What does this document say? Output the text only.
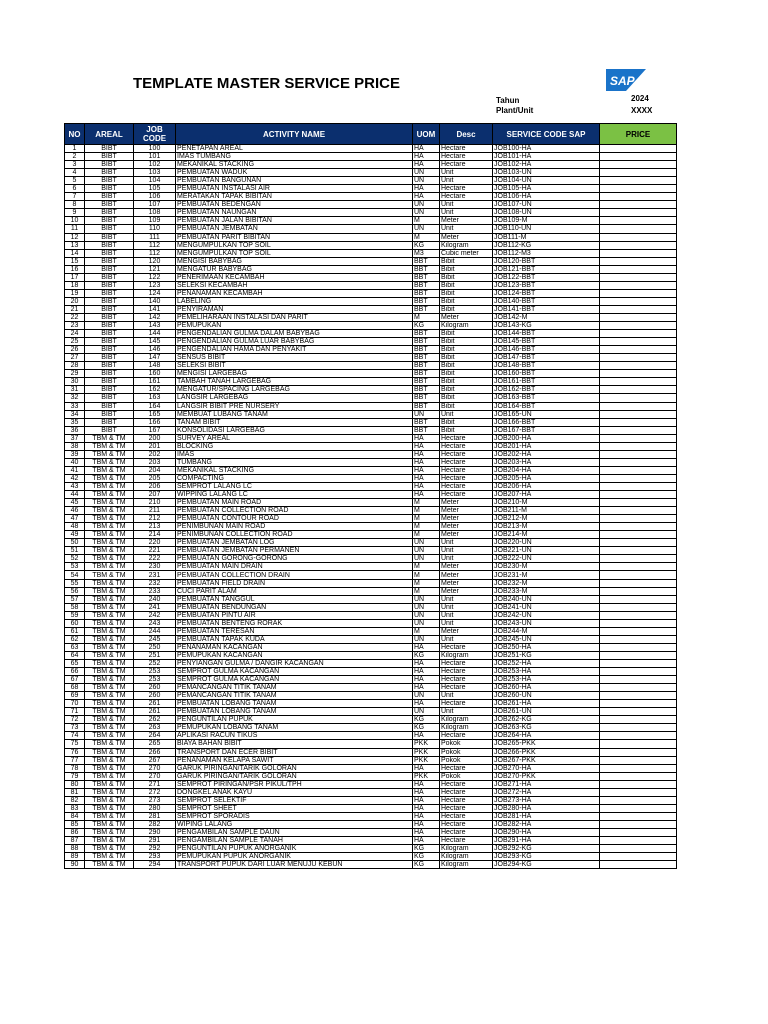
TEMPLATE MASTER SERVICE PRICE	SAP
Tahun	2024
Plant/Unit	XXXX
NO	AREAL	JOB CODE	ACTIVITY NAME	UOM	Desc	SERVICE CODE SAP	PRICE
1	BIBT	100	PENETAPAN AREAL	HA	Hectare	JOB100-HA	
2	BIBT	101	IMAS TUMBANG	HA	Hectare	JOB101-HA	
3	BIBT	102	MEKANIKAL STACKING	HA	Hectare	JOB102-HA	
4	BIBT	103	PEMBUATAN WADUK	UN	Unit	JOB103-UN	
5	BIBT	104	PEMBUATAN BANGUNAN	UN	Unit	JOB104-UN	
6	BIBT	105	PEMBUATAN INSTALASI AIR	HA	Hectare	JOB105-HA	
7	BIBT	106	MERATAKAN TAPAK BIBITAN	HA	Hectare	JOB106-HA	
8	BIBT	107	PEMBUATAN BEDENGAN	UN	Unit	JOB107-UN	
9	BIBT	108	PEMBUATAN NAUNGAN	UN	Unit	JOB108-UN	
10	BIBT	109	PEMBUATAN JALAN BIBITAN	M	Meter	JOB109-M	
11	BIBT	110	PEMBUATAN JEMBATAN	UN	Unit	JOB110-UN	
12	BIBT	111	PEMBUATAN PARIT BIBITAN	M	Meter	JOB111-M	
13	BIBT	112	MENGUMPULKAN TOP SOIL	KG	Kilogram	JOB112-KG	
14	BIBT	112	MENGUMPULKAN TOP SOIL	M3	Cubic meter	JOB112-M3	
15	BIBT	120	MENGISI BABYBAG	BBT	Bibit	JOB120-BBT	
16	BIBT	121	MENGATUR BABYBAG	BBT	Bibit	JOB121-BBT	
17	BIBT	122	PENERIMAAN KECAMBAH	BBT	Bibit	JOB122-BBT	
18	BIBT	123	SELEKSI KECAMBAH	BBT	Bibit	JOB123-BBT	
19	BIBT	124	PENANAMAN KECAMBAH	BBT	Bibit	JOB124-BBT	
20	BIBT	140	LABELING	BBT	Bibit	JOB140-BBT	
21	BIBT	141	PENYIRAMAN	BBT	Bibit	JOB141-BBT	
22	BIBT	142	PEMELIHARAAN INSTALASI DAN PARIT	M	Meter	JOB142-M	
23	BIBT	143	PEMUPUKAN	KG	Kilogram	JOB143-KG	
24	BIBT	144	PENGENDALIAN GULMA DALAM BABYBAG	BBT	Bibit	JOB144-BBT	
25	BIBT	145	PENGENDALIAN GULMA LUAR BABYBAG	BBT	Bibit	JOB145-BBT	
26	BIBT	146	PENGENDALIAN HAMA DAN PENYAKIT	BBT	Bibit	JOB146-BBT	
27	BIBT	147	SENSUS BIBIT	BBT	Bibit	JOB147-BBT	
28	BIBT	148	SELEKSI BIBIT	BBT	Bibit	JOB148-BBT	
29	BIBT	160	MENGISI LARGEBAG	BBT	Bibit	JOB160-BBT	
30	BIBT	161	TAMBAH TANAH LARGEBAG	BBT	Bibit	JOB161-BBT	
31	BIBT	162	MENGATUR/SPACING LARGEBAG	BBT	Bibit	JOB162-BBT	
32	BIBT	163	LANGSIR LARGEBAG	BBT	Bibit	JOB163-BBT	
33	BIBT	164	LANGSIR BIBIT PRE NURSERY	BBT	Bibit	JOB164-BBT	
34	BIBT	165	MEMBUAT LUBANG TANAM	UN	Unit	JOB165-UN	
35	BIBT	166	TANAM BIBIT	BBT	Bibit	JOB166-BBT	
36	BIBT	167	KONSOLIDASI LARGEBAG	BBT	Bibit	JOB167-BBT	
37	TBM & TM	200	SURVEY AREAL	HA	Hectare	JOB200-HA	
38	TBM & TM	201	BLOCKING	HA	Hectare	JOB201-HA	
39	TBM & TM	202	IMAS	HA	Hectare	JOB202-HA	
40	TBM & TM	203	TUMBANG	HA	Hectare	JOB203-HA	
41	TBM & TM	204	MEKANIKAL STACKING	HA	Hectare	JOB204-HA	
42	TBM & TM	205	COMPACTING	HA	Hectare	JOB205-HA	
43	TBM & TM	206	SEMPROT LALANG LC	HA	Hectare	JOB206-HA	
44	TBM & TM	207	WIPPING LALANG LC	HA	Hectare	JOB207-HA	
45	TBM & TM	210	PEMBUATAN MAIN ROAD	M	Meter	JOB210-M	
46	TBM & TM	211	PEMBUATAN COLLECTION ROAD	M	Meter	JOB211-M	
47	TBM & TM	212	PEMBUATAN CONTOUR ROAD	M	Meter	JOB212-M	
48	TBM & TM	213	PENIMBUNAN MAIN ROAD	M	Meter	JOB213-M	
49	TBM & TM	214	PENIMBUNAN COLLECTION ROAD	M	Meter	JOB214-M	
50	TBM & TM	220	PEMBUATAN JEMBATAN LOG	UN	Unit	JOB220-UN	
51	TBM & TM	221	PEMBUATAN JEMBATAN PERMANEN	UN	Unit	JOB221-UN	
52	TBM & TM	222	PEMBUATAN GORONG-GORONG	UN	Unit	JOB222-UN	
53	TBM & TM	230	PEMBUATAN MAIN DRAIN	M	Meter	JOB230-M	
54	TBM & TM	231	PEMBUATAN COLLECTION DRAIN	M	Meter	JOB231-M	
55	TBM & TM	232	PEMBUATAN FIELD DRAIN	M	Meter	JOB232-M	
56	TBM & TM	233	CUCI PARIT ALAM	M	Meter	JOB233-M	
57	TBM & TM	240	PEMBUATAN TANGGUL	UN	Unit	JOB240-UN	
58	TBM & TM	241	PEMBUATAN BENDUNGAN	UN	Unit	JOB241-UN	
59	TBM & TM	242	PEMBUATAN PINTU AIR	UN	Unit	JOB242-UN	
60	TBM & TM	243	PEMBUATAN BENTENG RORAK	UN	Unit	JOB243-UN	
61	TBM & TM	244	PEMBUATAN TERESAN	M	Meter	JOB244-M	
62	TBM & TM	245	PEMBUATAN TAPAK KUDA	UN	Unit	JOB245-UN	
63	TBM & TM	250	PENANAMAN KACANGAN	HA	Hectare	JOB250-HA	
64	TBM & TM	251	PEMUPUKAN KACANGAN	KG	Kilogram	JOB251-KG	
65	TBM & TM	252	PENYIANGAN GULMA / DANGIR KACANGAN	HA	Hectare	JOB252-HA	
66	TBM & TM	253	SEMPROT GULMA KACANGAN	HA	Hectare	JOB253-HA	
67	TBM & TM	253	SEMPROT GULMA KACANGAN	HA	Hectare	JOB253-HA	
68	TBM & TM	260	PEMANCANGAN TITIK TANAM	HA	Hectare	JOB260-HA	
69	TBM & TM	260	PEMANCANGAN TITIK TANAM	UN	Unit	JOB260-UN	
70	TBM & TM	261	PEMBUATAN LOBANG TANAM	HA	Hectare	JOB261-HA	
71	TBM & TM	261	PEMBUATAN LOBANG TANAM	UN	Unit	JOB261-UN	
72	TBM & TM	262	PENGUNTILAN PUPUK	KG	Kilogram	JOB262-KG	
73	TBM & TM	263	PEMUPUKAN LOBANG TANAM	KG	Kilogram	JOB263-KG	
74	TBM & TM	264	APLIKASI RACUN TIKUS	HA	Hectare	JOB264-HA	
75	TBM & TM	265	BIAYA BAHAN BIBIT	PKK	Pokok	JOB265-PKK	
76	TBM & TM	266	TRANSPORT DAN ECER BIBIT	PKK	Pokok	JOB266-PKK	
77	TBM & TM	267	PENANAMAN KELAPA SAWIT	PKK	Pokok	JOB267-PKK	
78	TBM & TM	270	GARUK PIRINGAN/TARIK GOLORAN	HA	Hectare	JOB270-HA	
79	TBM & TM	270	GARUK PIRINGAN/TARIK GOLORAN	PKK	Pokok	JOB270-PKK	
80	TBM & TM	271	SEMPROT PIRINGAN/PSR PIKUL/TPH	HA	Hectare	JOB271-HA	
81	TBM & TM	272	DONGKEL ANAK KAYU	HA	Hectare	JOB272-HA	
82	TBM & TM	273	SEMPROT SELEKTIF	HA	Hectare	JOB273-HA	
83	TBM & TM	280	SEMPROT SHEET	HA	Hectare	JOB280-HA	
84	TBM & TM	281	SEMPROT SPORADIS	HA	Hectare	JOB281-HA	
85	TBM & TM	282	WIPING LALANG	HA	Hectare	JOB282-HA	
86	TBM & TM	290	PENGAMBILAN SAMPLE DAUN	HA	Hectare	JOB290-HA	
87	TBM & TM	291	PENGAMBILAN SAMPLE TANAH	HA	Hectare	JOB291-HA	
88	TBM & TM	292	PENGUNTILAN PUPUK ANORGANIK	KG	Kilogram	JOB292-KG	
89	TBM & TM	293	PEMUPUKAN PUPUK ANORGANIK	KG	Kilogram	JOB293-KG	
90	TBM & TM	294	TRANSPORT PUPUK DARI LUAR MENUJU KEBUN	KG	Kilogram	JOB294-KG	
